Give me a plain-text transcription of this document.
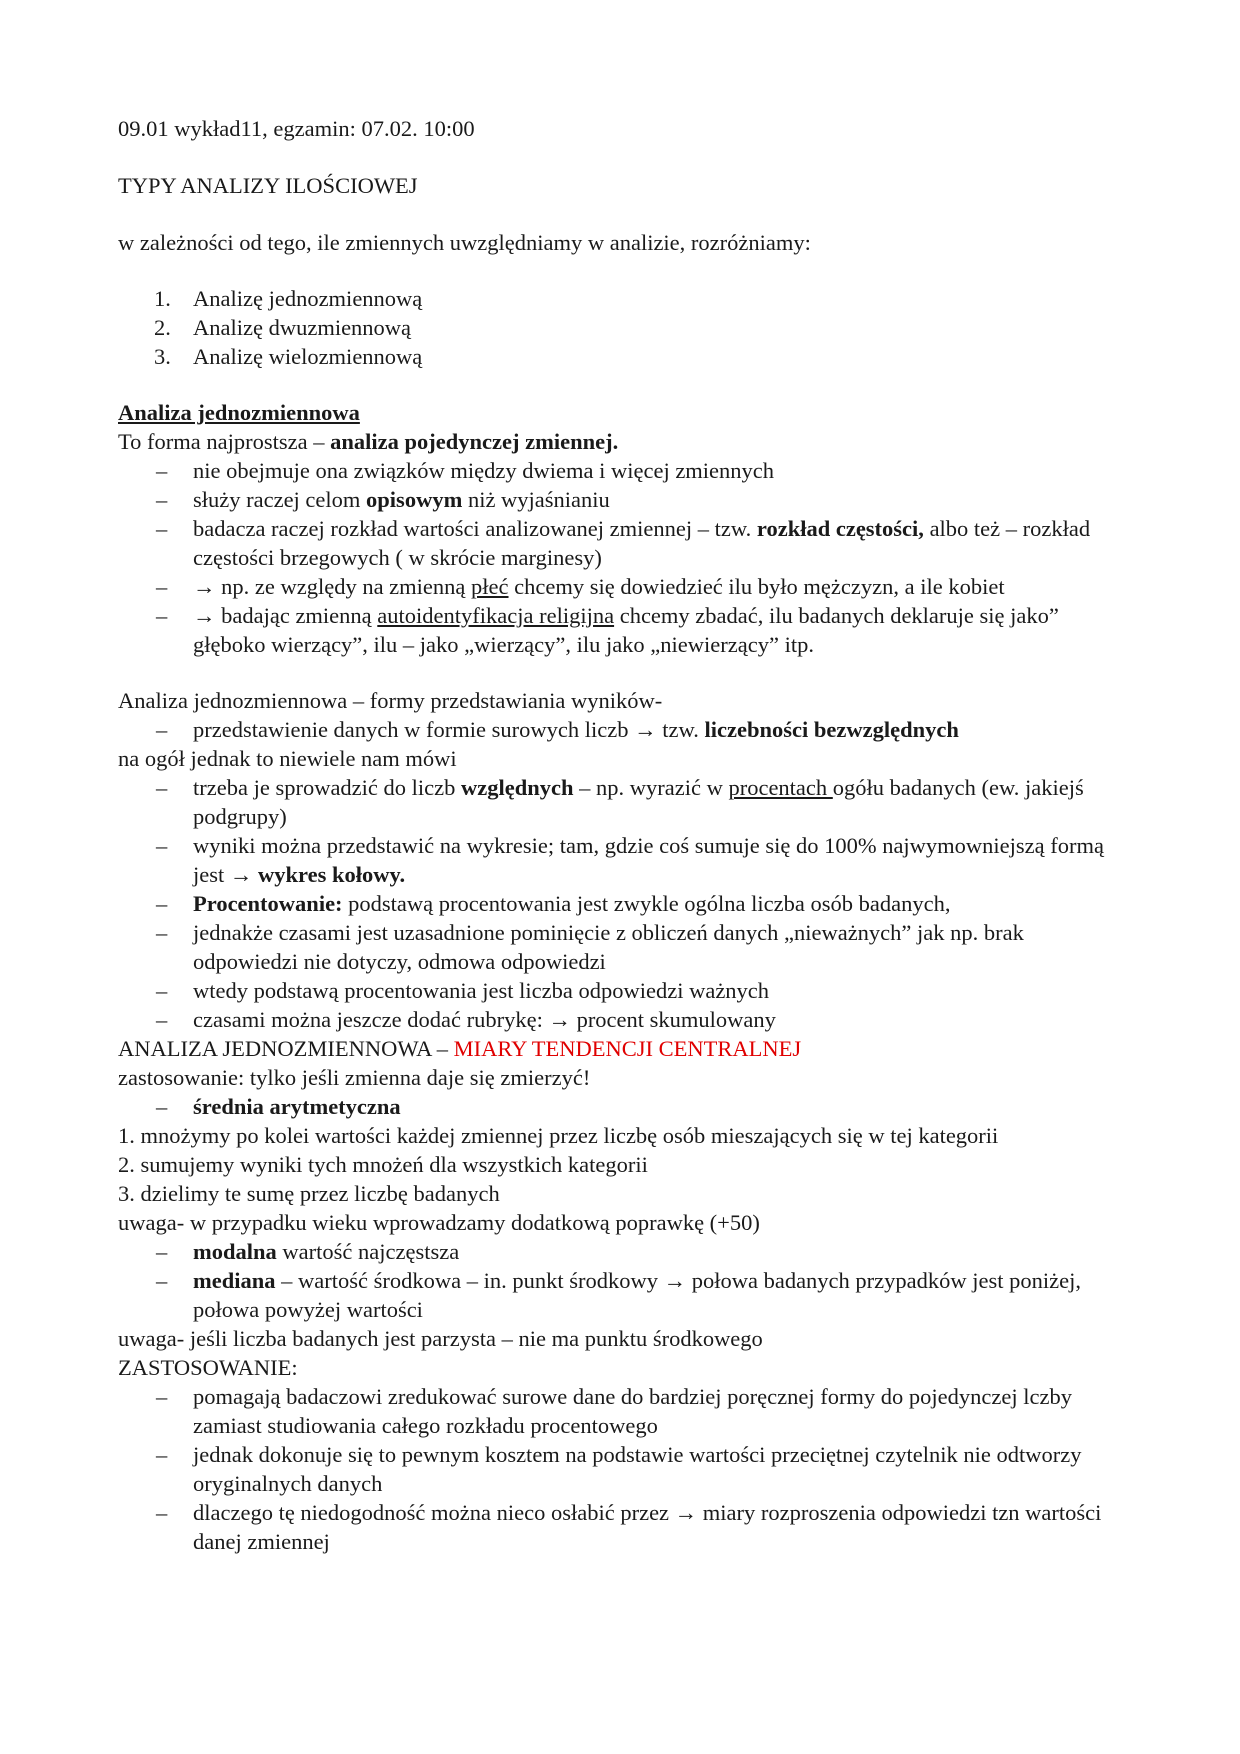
09.01 wykład11, egzamin: 07.02. 10:00

TYPY ANALIZY ILOŚCIOWEJ

w zależności od tego, ile zmiennych uwzględniamy w analizie, rozróżniamy:

1. Analizę jednozmiennową
2. Analizę dwuzmiennową
3. Analizę wielozmiennową

Analiza jednozmiennowa

To forma najprostsza – analiza pojedynczej zmiennej.

– nie obejmuje ona związków między dwiema i więcej zmiennych
– służy raczej celom opisowym niż wyjaśnianiu
– badacza raczej rozkład wartości analizowanej zmiennej – tzw. rozkład częstości, albo też – rozkład częstości brzegowych ( w skrócie marginesy)
– → np. ze względy na zmienną płeć chcemy się dowiedzieć ilu było mężczyzn, a ile kobiet
– → badając zmienną autoidentyfikacja religijna chcemy zbadać, ilu badanych deklaruje się jako” głęboko wierzący”, ilu – jako „wierzący”, ilu jako „niewierzący” itp.

Analiza jednozmiennowa – formy przedstawiania wyników-

– przedstawienie danych w formie surowych liczb → tzw. liczebności bezwzględnych

na ogół jednak to niewiele nam mówi

– trzeba je sprowadzić do liczb względnych – np. wyrazić w procentach ogółu badanych (ew. jakiejś podgrupy)
– wyniki można przedstawić na wykresie; tam, gdzie coś sumuje się do 100% najwymowniejszą formą jest → wykres kołowy.
– Procentowanie: podstawą procentowania jest zwykle ogólna liczba osób badanych,
– jednakże czasami jest uzasadnione pominięcie z obliczeń danych „nieważnych” jak np. brak odpowiedzi nie dotyczy, odmowa odpowiedzi
– wtedy podstawą procentowania jest liczba odpowiedzi ważnych
– czasami można jeszcze dodać rubrykę: → procent skumulowany

ANALIZA JEDNOZMIENNOWA – MIARY TENDENCJI CENTRALNEJ

zastosowanie: tylko jeśli zmienna daje się zmierzyć!

– średnia arytmetyczna

1. mnożymy po kolei wartości każdej zmiennej przez liczbę osób mieszających się w tej kategorii

2. sumujemy wyniki tych mnożeń dla wszystkich kategorii

3. dzielimy te sumę przez liczbę badanych

uwaga- w przypadku wieku wprowadzamy dodatkową poprawkę (+50)

– modalna wartość najczęstsza
– mediana – wartość środkowa – in. punkt środkowy → połowa badanych przypadków jest poniżej, połowa powyżej wartości

uwaga- jeśli liczba badanych jest parzysta – nie ma punktu środkowego

ZASTOSOWANIE:

– pomagają badaczowi zredukować surowe dane do bardziej poręcznej formy do pojedynczej lczby zamiast studiowania całego rozkładu procentowego
– jednak dokonuje się to pewnym kosztem na podstawie wartości przeciętnej czytelnik nie odtworzy oryginalnych danych
– dlaczego tę niedogodność można nieco osłabić przez → miary rozproszenia odpowiedzi tzn wartości danej zmiennej
